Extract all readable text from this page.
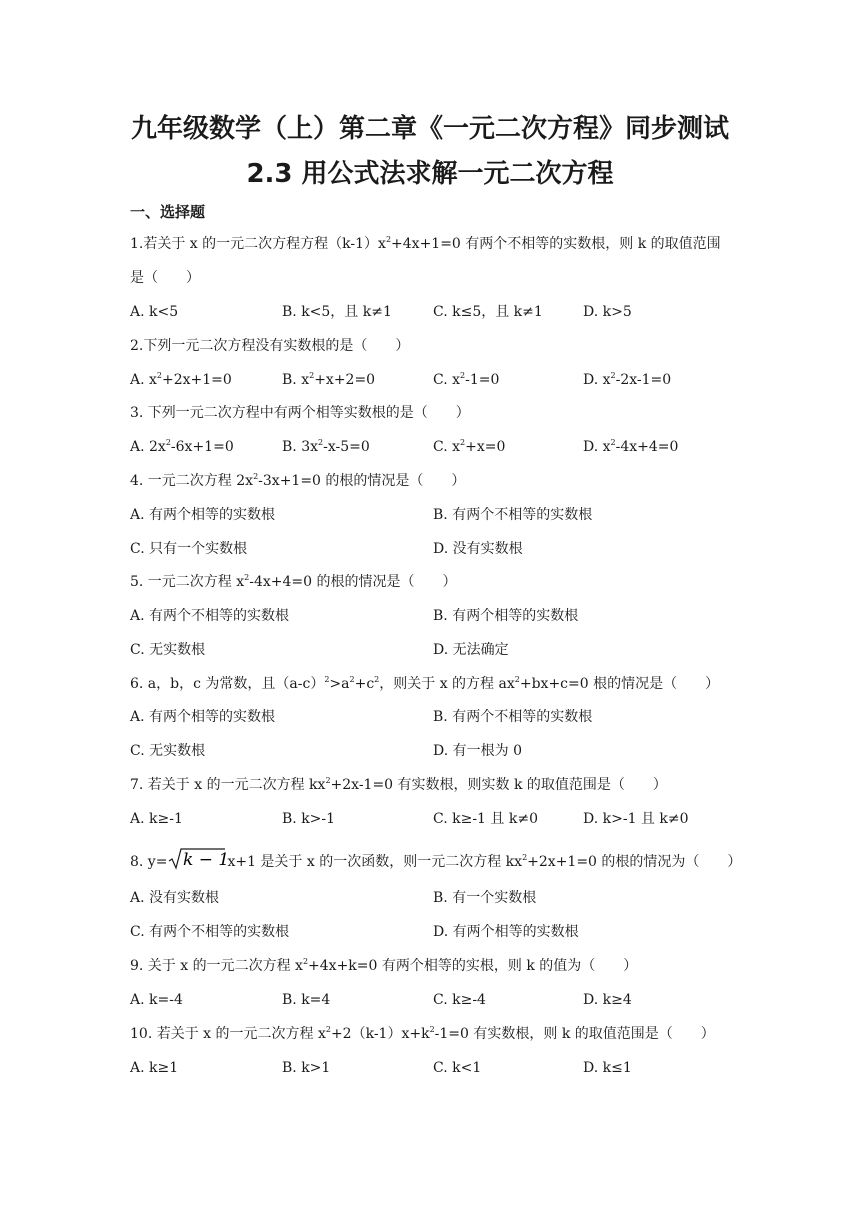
九年级数学（上）第二章《一元二次方程》同步测试
2.3 用公式法求解一元二次方程
一、选择题
1.若关于 x 的一元二次方程方程$(k-1)x^2+4x+1=0$ 有两个不相等的实数根，则 k 的取值范围
是（　　）
A. k<5	B. k<5，且 k≠1	C. k≤5，且 k≠1	D. k>5
2.下列一元二次方程没有实数根的是（　　）
A. $x^2+2x+1=0$	B. $x^2+x+2=0$	C. $x^2-1=0$	D. $x^2-2x-1=0$
3. 下列一元二次方程中有两个相等实数根的是（　　）
A. $2x^2-6x+1=0$	B. $3x^2-x-5=0$	C. $x^2+x=0$	D. $x^2-4x+4=0$
4. 一元二次方程 $2x^2-3x+1=0$ 的根的情况是（　　）
A. 有两个相等的实数根	B. 有两个不相等的实数根
C. 只有一个实数根	D. 没有实数根
5. 一元二次方程 $x^2-4x+4=0$ 的根的情况是（　　）
A. 有两个不相等的实数根	B. 有两个相等的实数根
C. 无实数根	D. 无法确定
6. a，b，c 为常数，且$(a-c)^2>a^2+c^2$，则关于 x 的方程 $ax^2+bx+c=0$ 根的情况是（　　）
A. 有两个相等的实数根	B. 有两个不相等的实数根
C. 无实数根	D. 有一根为 0
7. 若关于 x 的一元二次方程 $kx^2+2x-1=0$ 有实数根，则实数 k 的取值范围是（　　）
A. k≥-1	B. k>-1	C. k≥-1 且 k≠0	D. k>-1 且 k≠0
8. y= k − 1
x+1 是关于 x 的一次函数，则一元二次方程 $kx^2+2x+1=0$ 的根的情况为（　　）
A. 没有实数根	B. 有一个实数根
C. 有两个不相等的实数根	D. 有两个相等的实数根
9. 关于 x 的一元二次方程 $x^2+4x+k=0$ 有两个相等的实根，则 k 的值为（　　）
A. k=-4	B. k=4	C. k≥-4	D. k≥4
10. 若关于 x 的一元二次方程 $x^2+2(k-1)x+k^2-1=0$ 有实数根，则 k 的取值范围是（　　）
A. k≥1	B. k>1	C. k<1	D. k≤1
